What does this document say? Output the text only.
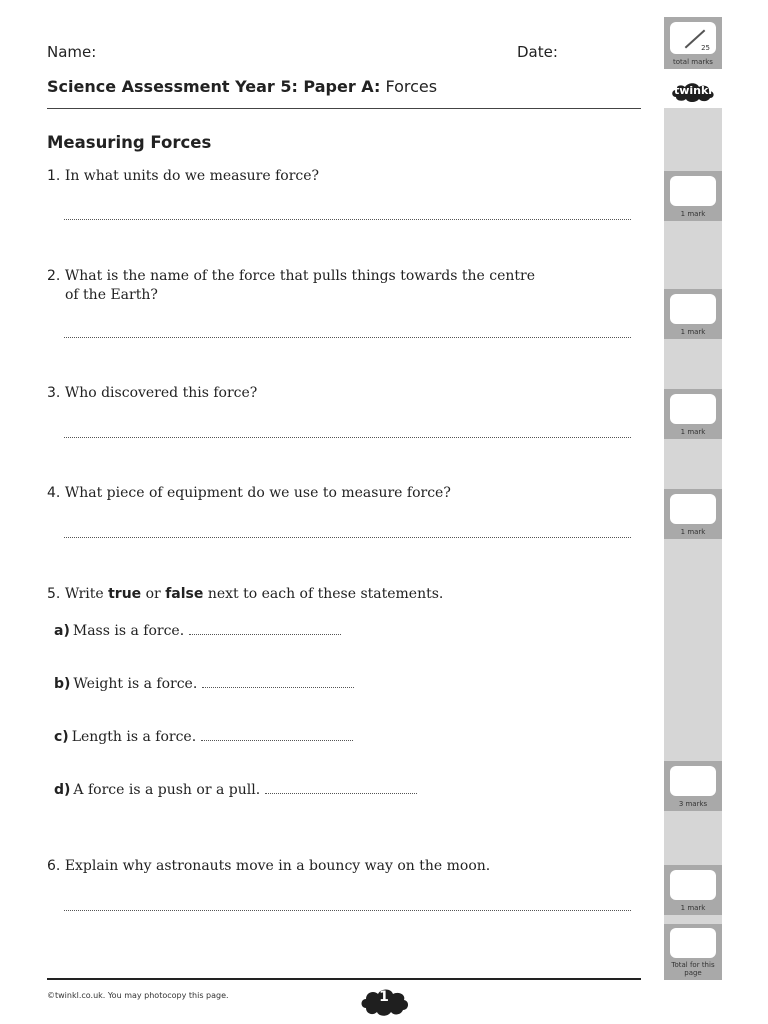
Name:	Date:
Science Assessment Year 5: Paper A: Forces
Measuring Forces
1. In what units do we measure force?
2. What is the name of the force that pulls things towards the centre
of the Earth?
3. Who discovered this force?
4. What piece of equipment do we use to measure force?
5. Write true or false next to each of these statements.
a) Mass is a force.
b) Weight is a force.
c) Length is a force.
d) A force is a push or a pull.
6. Explain why astronauts move in a bouncy way on the moon.
25
total marks
twinkl
1 mark
1 mark
1 mark
1 mark
3 marks
1 mark
Total for this page
©twinkl.co.uk. You may photocopy this page.	1
